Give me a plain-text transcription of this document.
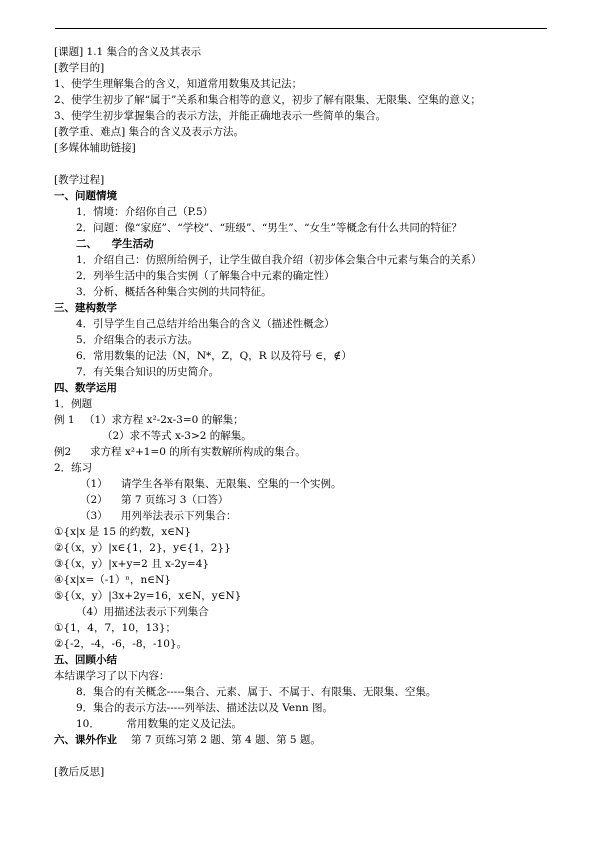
[课题] 1.1 集合的含义及其表示
[教学目的]
1、使学生理解集合的含义，知道常用数集及其记法；
2、使学生初步了解“属于”关系和集合相等的意义，初步了解有限集、无限集、空集的意义；
3、使学生初步掌握集合的表示方法，并能正确地表示一些简单的集合。
[教学重、难点] 集合的含义及表示方法。
[多媒体辅助链接]
[教学过程]
一、问题情境
1．情境：介绍你自己（P.5）
2．问题：像“家庭”、“学校”、“班级”、“男生”、“女生”等概念有什么共同的特征？
二、    学生活动
1．介绍自己：仿照所给例子，让学生做自我介绍（初步体会集合中元素与集合的关系）
2．列举生活中的集合实例（了解集合中元素的确定性）
3．分析、概括各种集合实例的共同特征。
三、建构数学
4．引导学生自己总结并给出集合的含义（描述性概念）
5．介绍集合的表示方法。
6．常用数集的记法（N，N*，Z，Q，R 以及符号 ∈，∉）
7．有关集合知识的历史简介。
四、数学运用
1．例题
例 1 （1）求方程 x²-2x-3=0 的解集；
（2）求不等式 x-3>2 的解集。
例2 求方程 x²+1=0 的所有实数解所构成的集合。
2．练习
（1）    请学生各举有限集、无限集、空集的一个实例。
（2）    第 7 页练习 3（口答）
（3）    用列举法表示下列集合：
①{x|x 是 15 的约数，x∈N}
②{（x，y）|x∈{1，2}，y∈{1，2}}
③{（x，y）|x+y=2 且 x-2y=4}
④{x|x=（-1）ⁿ，n∈N}
⑤{（x，y）|3x+2y=16，x∈N，y∈N}
（4）用描述法表示下列集合
①{1，4，7，10，13}；
②{-2，-4，-6，-8，-10}。
五、回顾小结
本结课学习了以下内容：
8．集合的有关概念-----集合、元素、属于、不属于、有限集、无限集、空集。
9．集合的表示方法-----列举法、描述法以及 Venn 图。
10．        常用数集的定义及记法。
六、课外作业 第 7 页练习第 2 题、第 4 题、第 5 题。
[教后反思]
